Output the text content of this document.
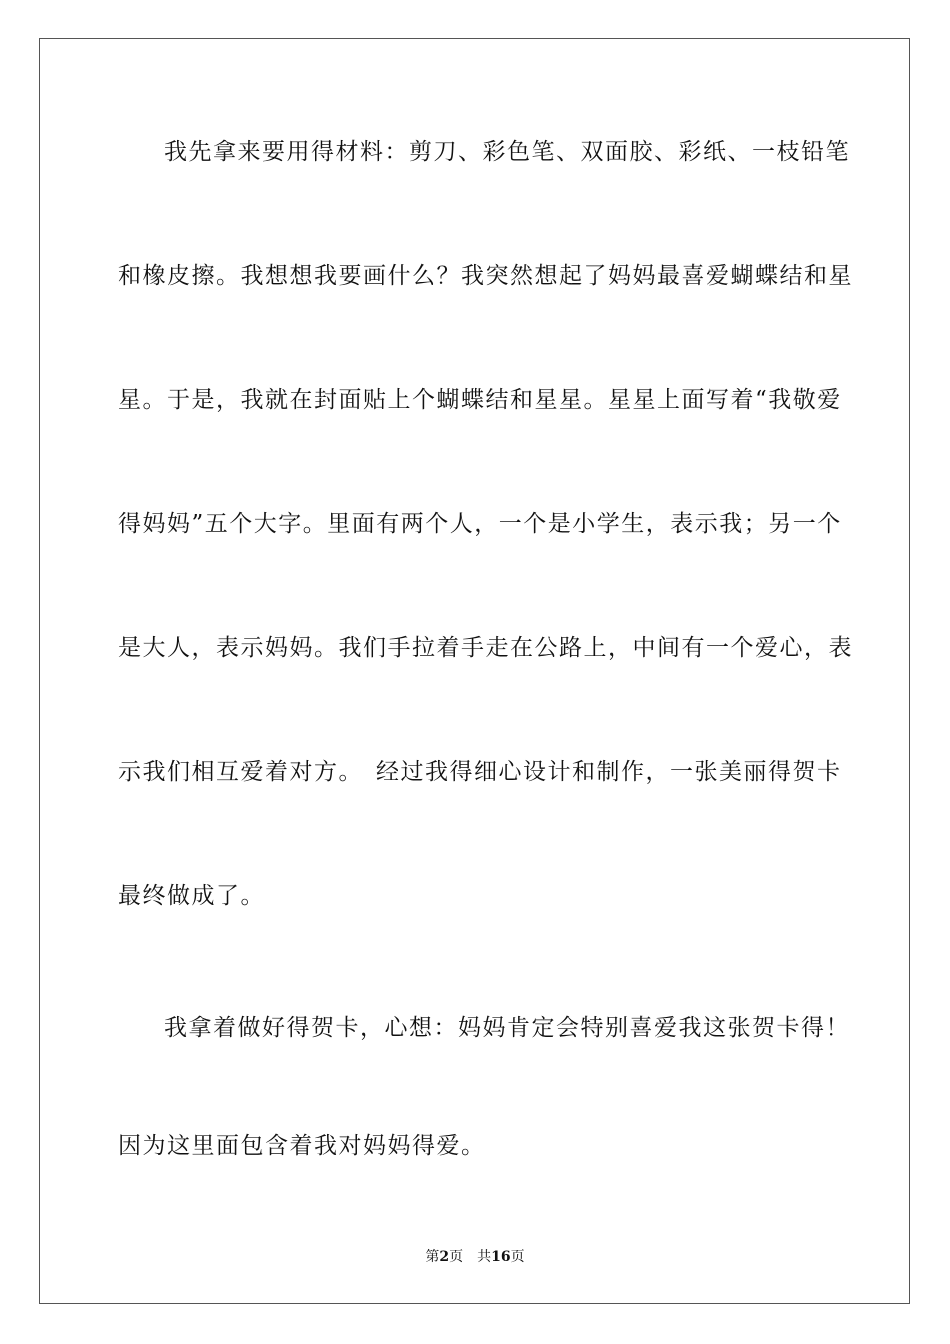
我先拿来要用得材料：剪刀、彩色笔、双面胶、彩纸、一枝铅笔
和橡皮擦。我想想我要画什么？我突然想起了妈妈最喜爱蝴蝶结和星
星。于是，我就在封面贴上个蝴蝶结和星星。星星上面写着“我敬爱
得妈妈”五个大字。里面有两个人，一个是小学生，表示我；另一个
是大人，表示妈妈。我们手拉着手走在公路上，中间有一个爱心，表
示我们相互爱着对方。　经过我得细心设计和制作，一张美丽得贺卡
最终做成了。
我拿着做好得贺卡，心想：妈妈肯定会特别喜爱我这张贺卡得！
因为这里面包含着我对妈妈得爱。
第2页 共16页
